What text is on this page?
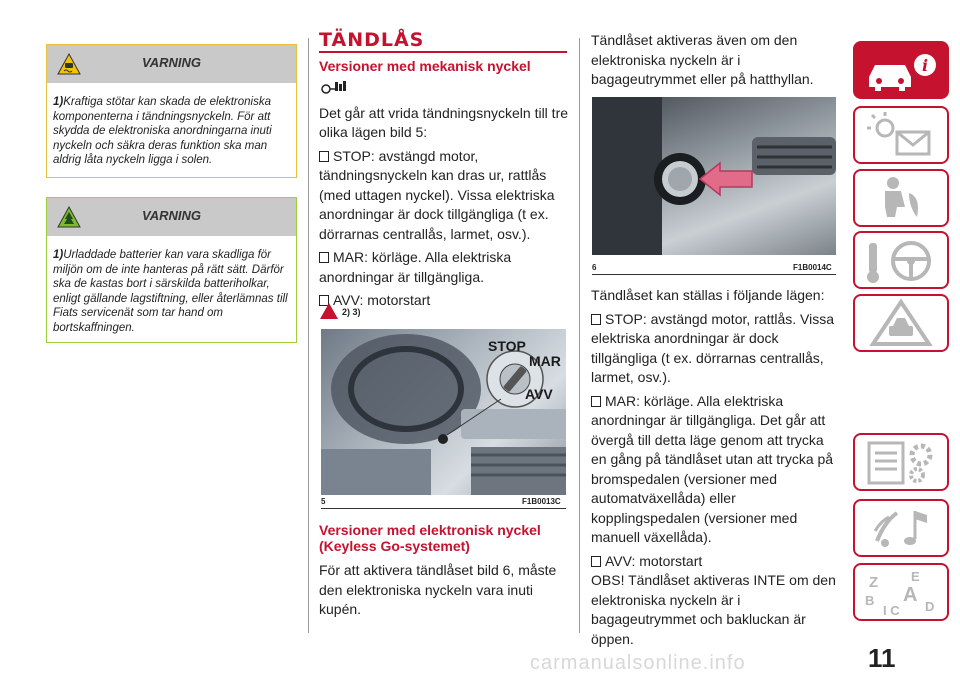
VARNING
1)Kraftiga stötar kan skada de elektroniska komponenterna i tändningsnyckeln. För att skydda de elektroniska anordningarna inuti nyckeln och säkra deras funktion ska man aldrig låta nyckeln ligga i solen.
VARNING
1)Urladdade batterier kan vara skadliga för miljön om de inte hanteras på rätt sätt. Därför ska de kastas bort i särskilda batteriholkar, enligt gällande lagstiftning, eller återlämnas till Fiats servicenät som tar hand om bortskaffningen.
TÄNDLÅS
Versioner med mekanisk nyckel

Det går att vrida tändningsnyckeln till tre olika lägen bild 5:

STOP: avstängd motor, tändningsnyckeln kan dras ur, rattlås (med uttagen nyckel). Vissa elektriska anordningar är dock tillgängliga (t ex. dörrarnas centrallås, larmet, osv.).

MAR: körläge. Alla elektriska anordningar är tillgängliga.

AVV: motorstart

2) 3)
STOP
MAR
AVV
5	F1B0013C
Versioner med elektronisk nyckel (Keyless Go-systemet)

För att aktivera tändlåset bild 6, måste den elektroniska nyckeln vara inuti kupén.

Tändlåset aktiveras även om den elektroniska nyckeln är i bagageutrymmet eller på hatthyllan.

6	F1B0014C

Tändlåset kan ställas i följande lägen:

STOP: avstängd motor, rattlås. Vissa elektriska anordningar är dock tillgängliga (t ex. dörrarnas centrallås, larmet, osv.).

MAR: körläge. Alla elektriska anordningar är tillgängliga. Det går att övergå till detta läge genom att trycka en gång på tändlåset utan att trycka på bromspedalen (versioner med automatväxellåda) eller kopplingspedalen (versioner med manuell växellåda).

AVV: motorstart

OBS! Tändlåset aktiveras INTE om den elektroniska nyckeln är i bagageutrymmet och bakluckan är öppen.

i
Z	E
B A
I C D
11
carmanualsonline.info
